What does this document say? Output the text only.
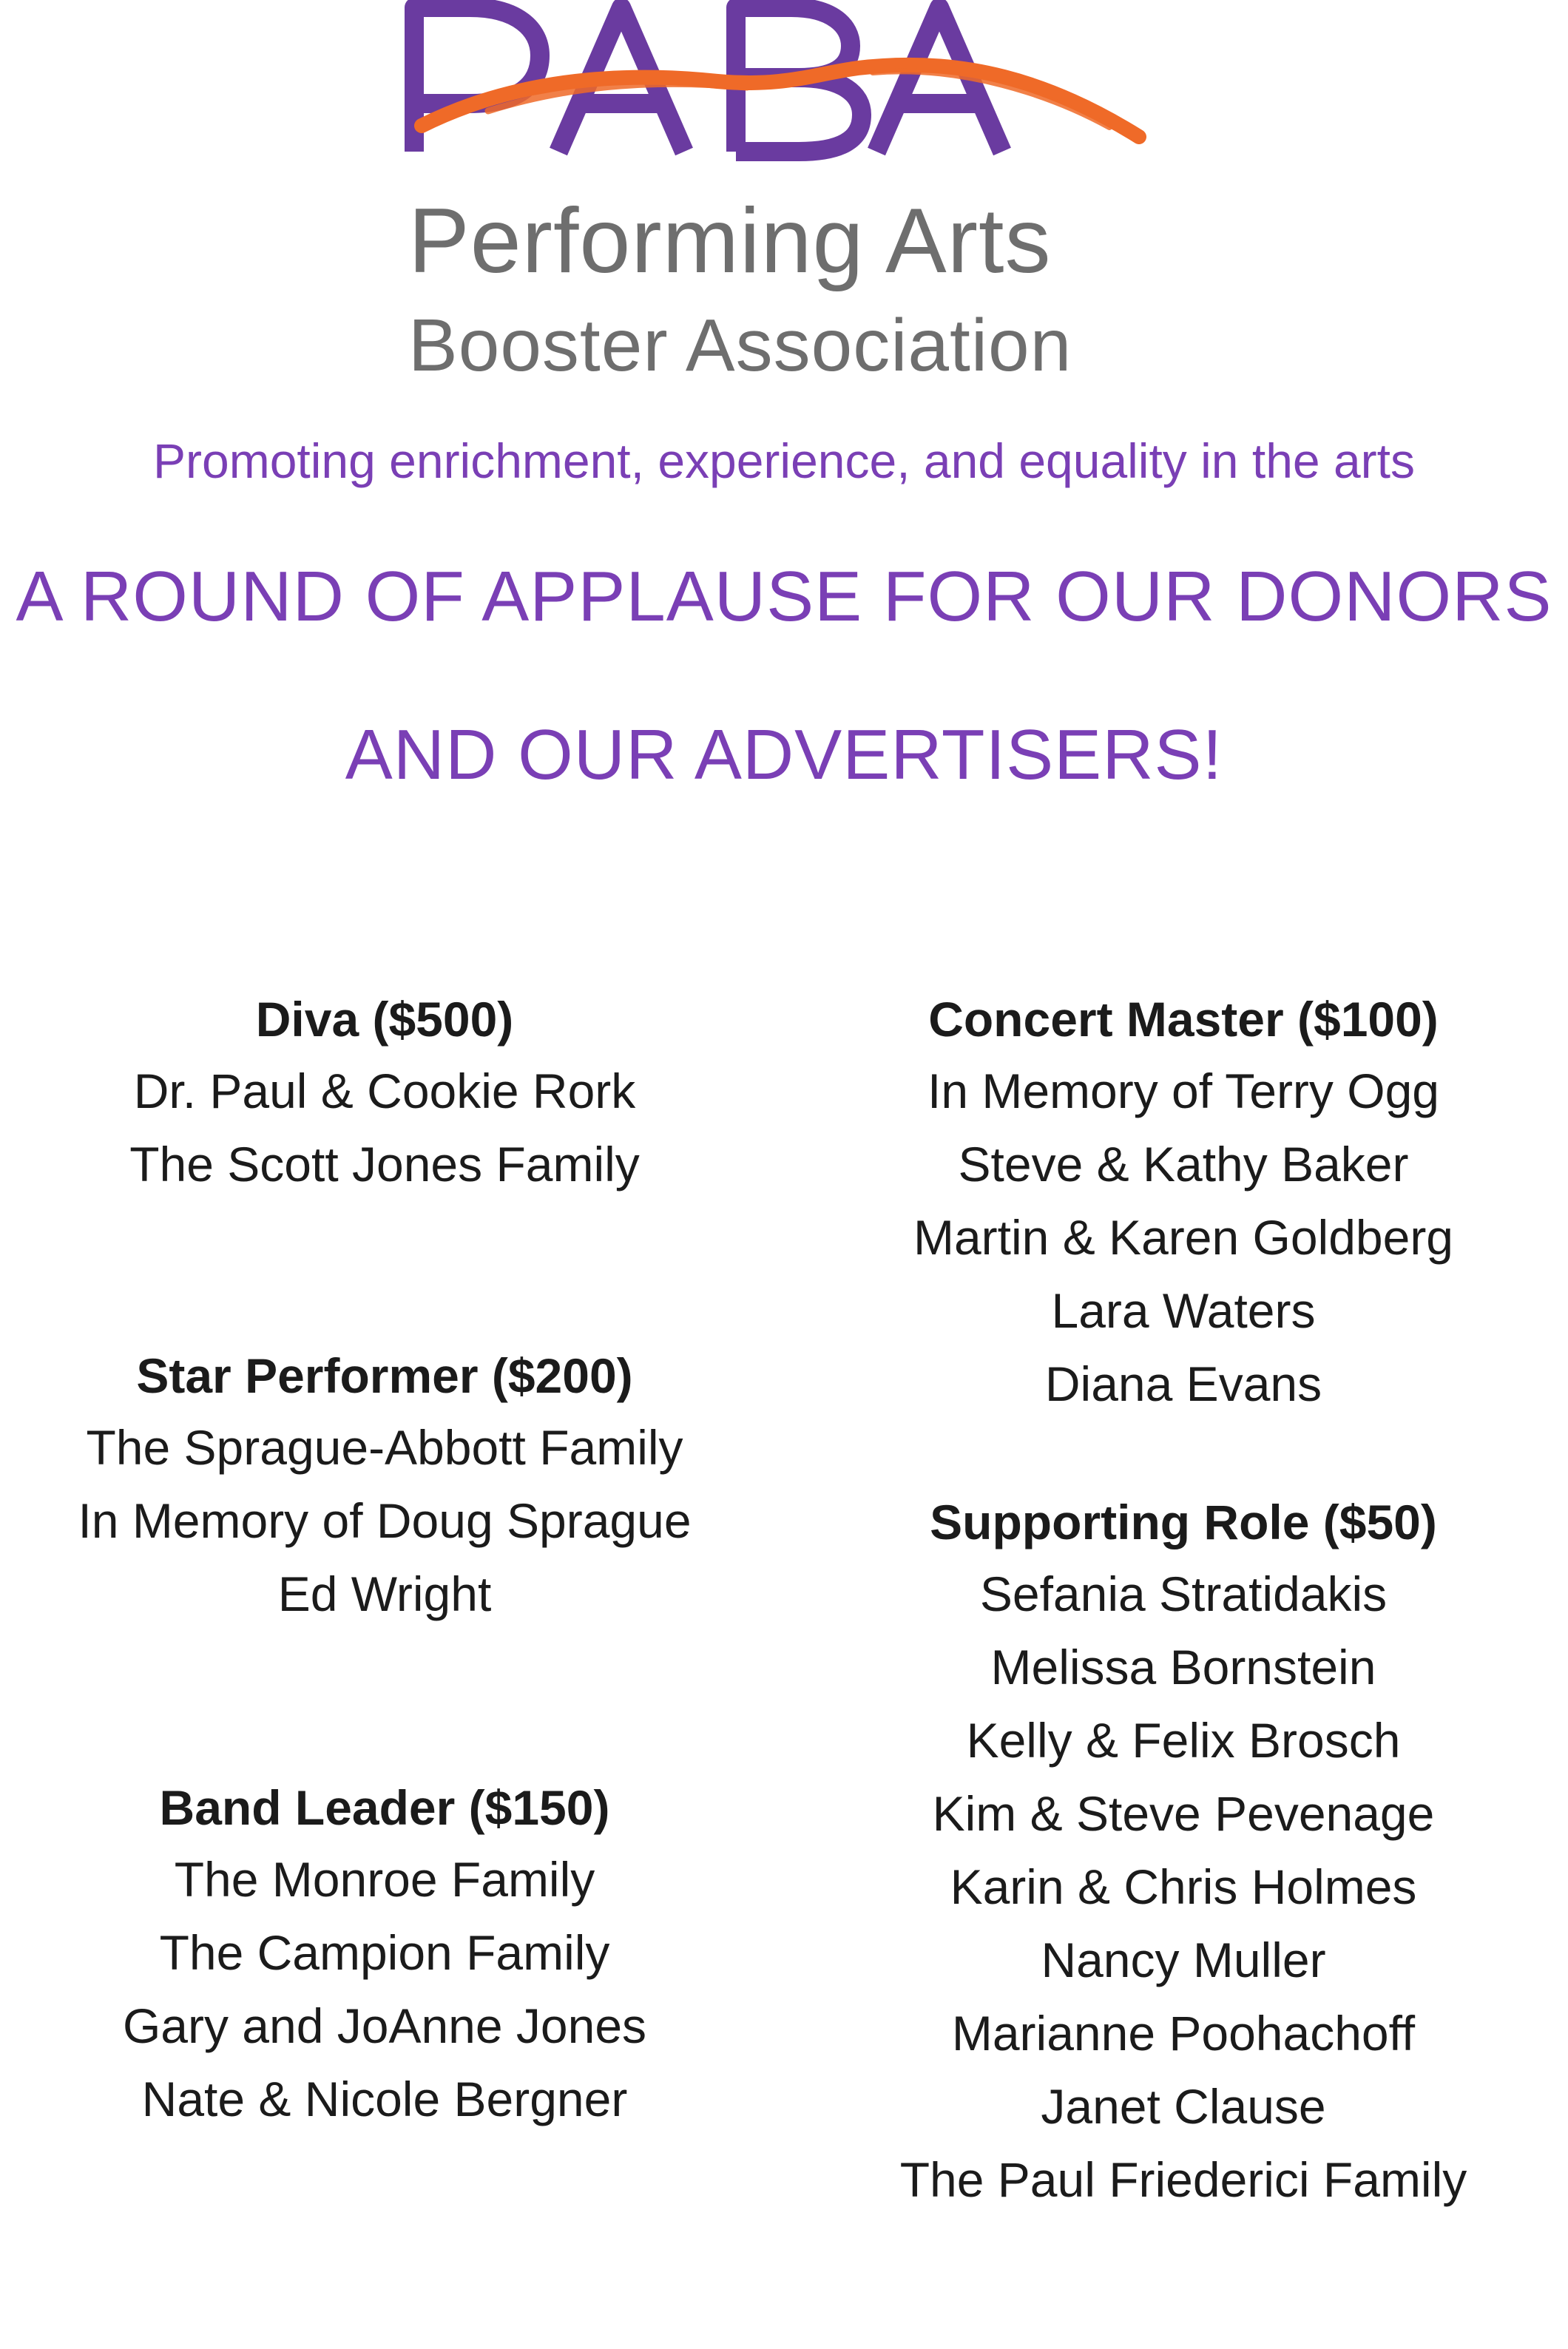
Performing Arts
Booster Association
Promoting enrichment, experience, and equality in the arts
A ROUND OF APPLAUSE FOR OUR DONORS
AND OUR ADVERTISERS!
Diva ($500)
Dr. Paul & Cookie Rork
The Scott Jones Family
Star Performer ($200)
The Sprague-Abbott Family
In Memory of Doug Sprague
Ed Wright
Band Leader ($150)
The Monroe Family
The Campion Family
Gary and JoAnne Jones
Nate & Nicole Bergner
Concert Master ($100)
In Memory of Terry Ogg
Steve & Kathy Baker
Martin & Karen Goldberg
Lara Waters
Diana Evans
Supporting Role ($50)
Sefania Stratidakis
Melissa Bornstein
Kelly & Felix Brosch
Kim & Steve Pevenage
Karin & Chris Holmes
Nancy Muller
Marianne Poohachoff
Janet Clause
The Paul Friederici Family
